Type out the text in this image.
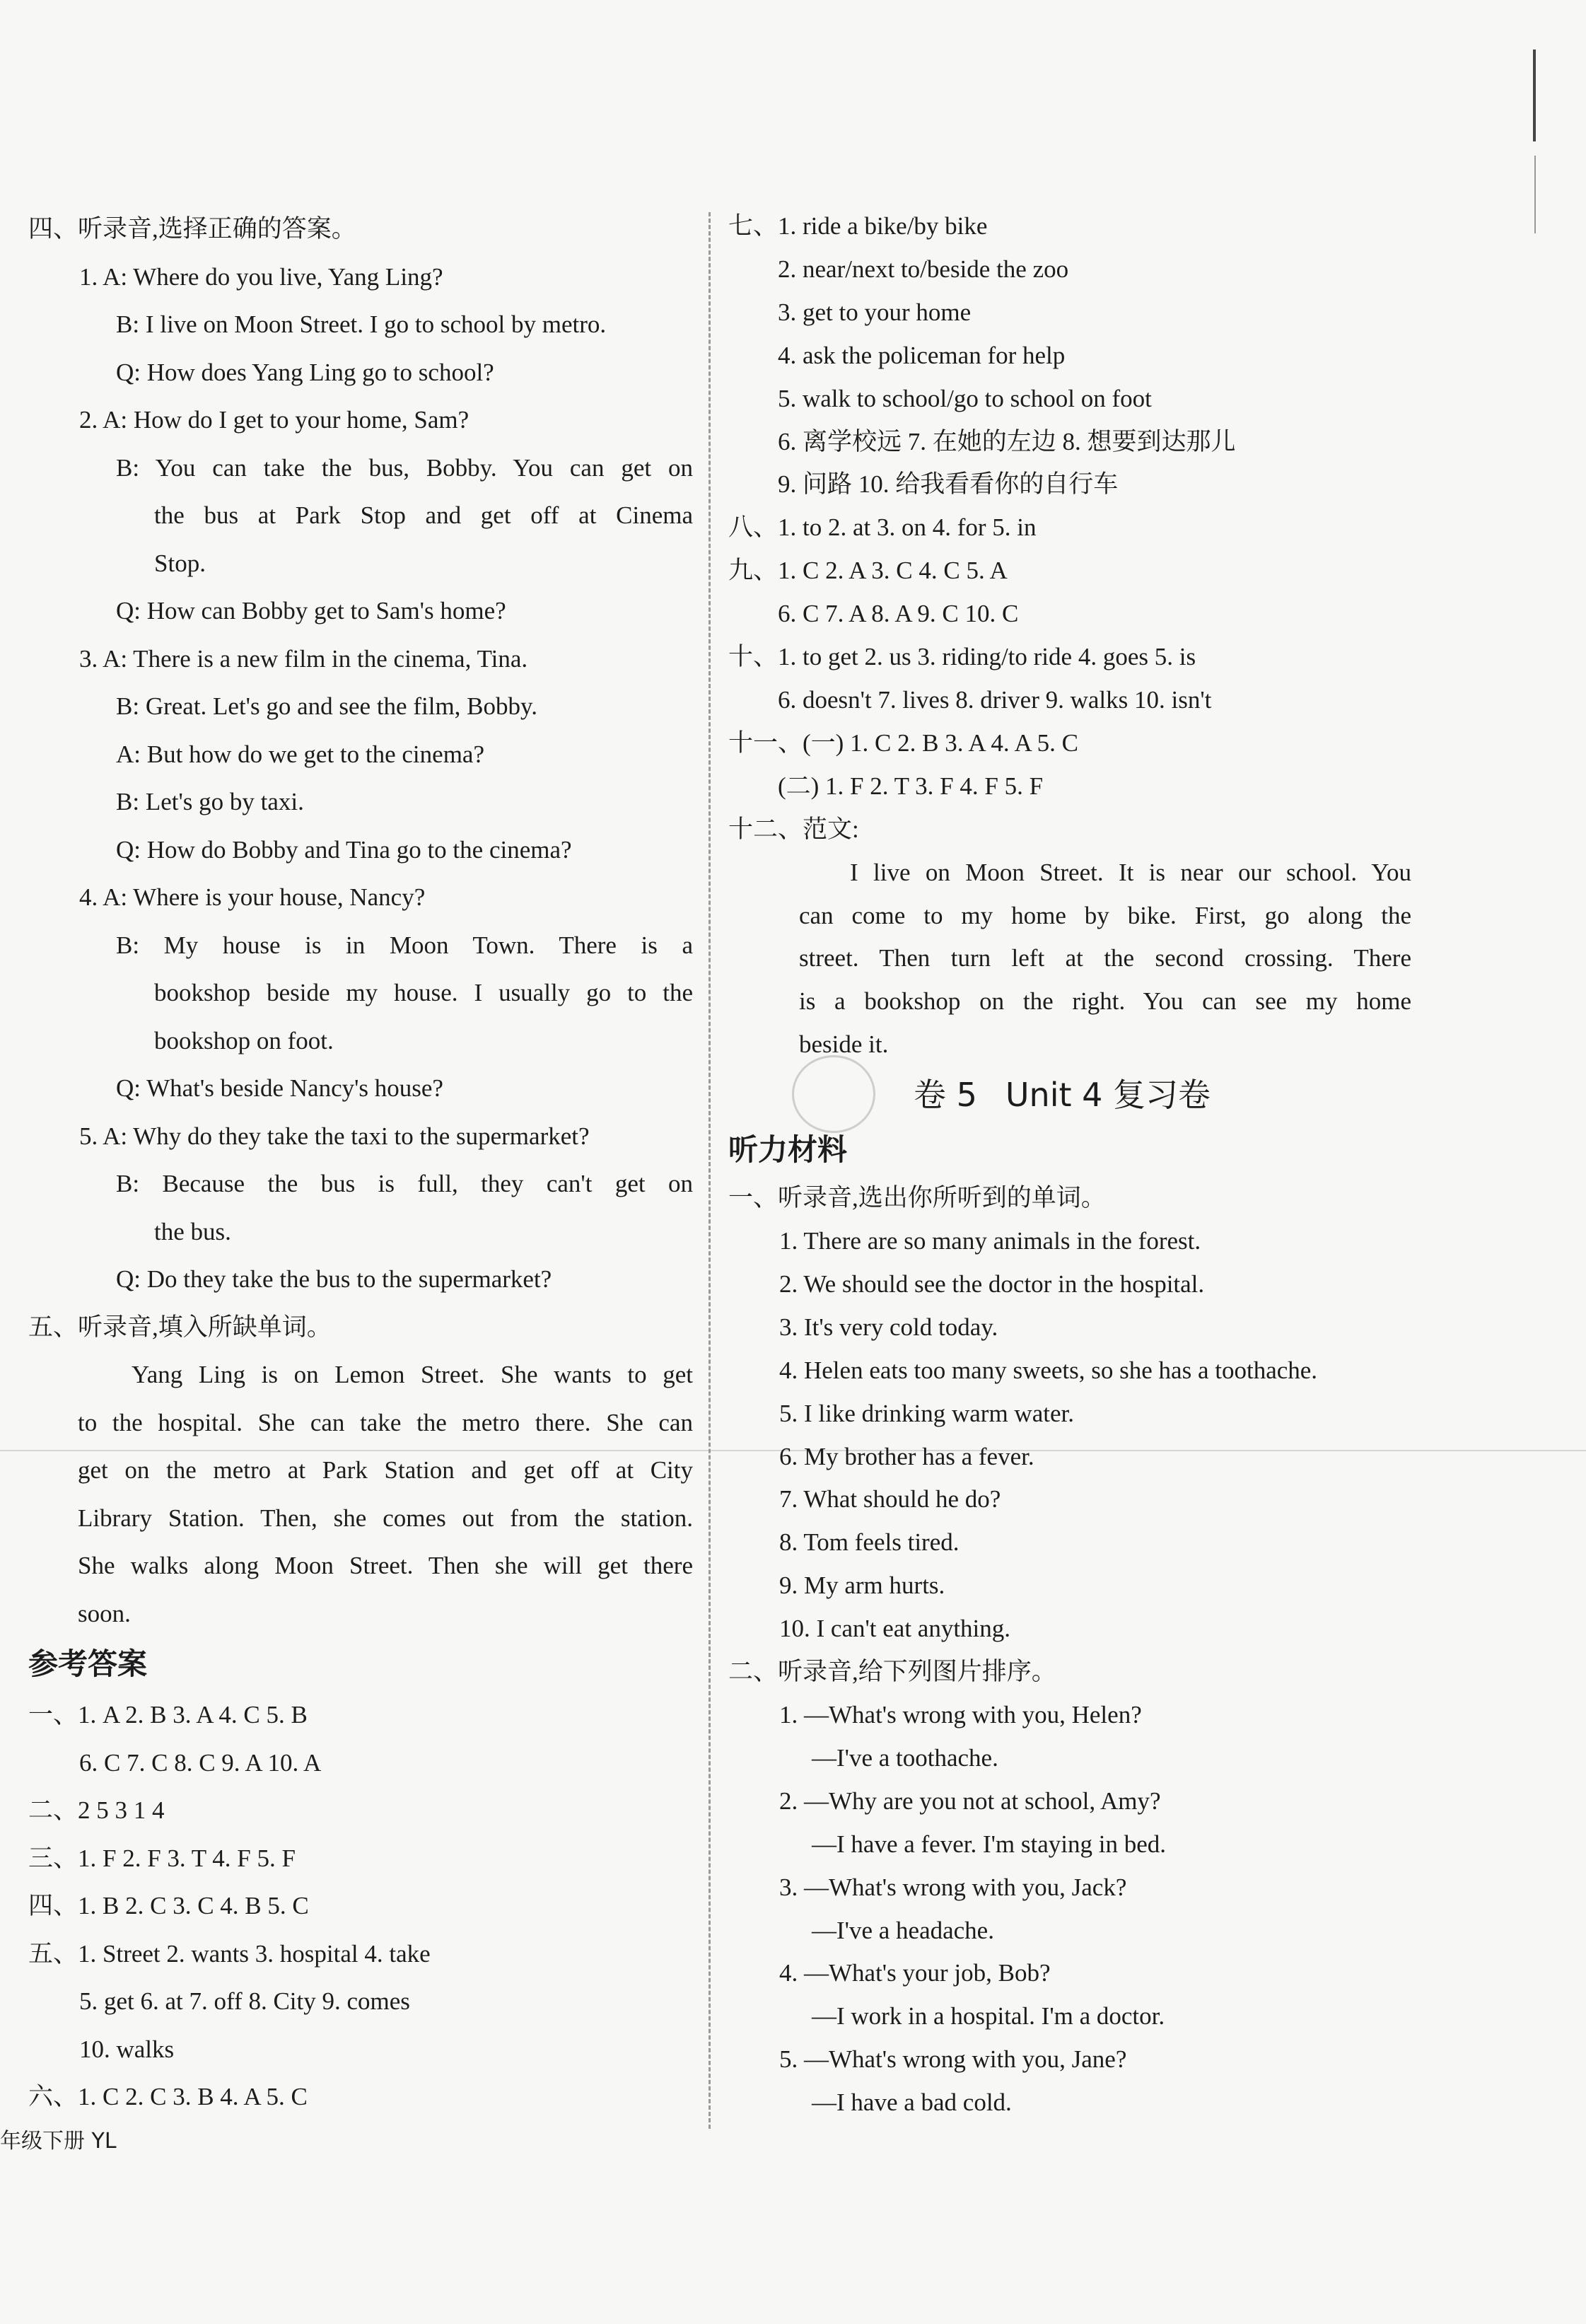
四、听录音,选择正确的答案。
1. A: Where do you live, Yang Ling?
B: I live on Moon Street. I go to school by metro.
Q: How does Yang Ling go to school?
2. A: How do I get to your home, Sam?
B: You can take the bus, Bobby. You can get on
the bus at Park Stop and get off at Cinema
Stop.
Q: How can Bobby get to Sam's home?
3. A: There is a new film in the cinema, Tina.
B: Great. Let's go and see the film, Bobby.
A: But how do we get to the cinema?
B: Let's go by taxi.
Q: How do Bobby and Tina go to the cinema?
4. A: Where is your house, Nancy?
B: My house is in Moon Town. There is a
bookshop beside my house. I usually go to the
bookshop on foot.
Q: What's beside Nancy's house?
5. A: Why do they take the taxi to the supermarket?
B: Because the bus is full, they can't get on
the bus.
Q: Do they take the bus to the supermarket?
五、听录音,填入所缺单词。
Yang Ling is on Lemon Street. She wants to get
to the hospital. She can take the metro there. She can
get on the metro at Park Station and get off at City
Library Station. Then, she comes out from the station.
She walks along Moon Street. Then she will get there
soon.
参考答案
一、1. A 2. B 3. A 4. C 5. B
6. C 7. C 8. C 9. A 10. A
二、2 5 3 1 4
三、1. F 2. F 3. T 4. F 5. F
四、1. B 2. C 3. C 4. B 5. C
五、1. Street 2. wants 3. hospital 4. take
5. get 6. at 7. off 8. City 9. comes
10. walks
六、1. C 2. C 3. B 4. A 5. C
七、1. ride a bike/by bike
2. near/next to/beside the zoo
3. get to your home
4. ask the policeman for help
5. walk to school/go to school on foot
6. 离学校远 7. 在她的左边 8. 想要到达那儿
9. 问路 10. 给我看看你的自行车
八、1. to 2. at 3. on 4. for 5. in
九、1. C 2. A 3. C 4. C 5. A
6. C 7. A 8. A 9. C 10. C
十、1. to get 2. us 3. riding/to ride 4. goes 5. is
6. doesn't 7. lives 8. driver 9. walks 10. isn't
十一、(一) 1. C 2. B 3. A 4. A 5. C
(二) 1. F 2. T 3. F 4. F 5. F
十二、范文:
I live on Moon Street. It is near our school. You
can come to my home by bike. First, go along the
street. Then turn left at the second crossing. There
is a bookshop on the right. You can see my home
beside it.
卷 5 Unit 4 复习卷
听力材料
一、听录音,选出你所听到的单词。
1. There are so many animals in the forest.
2. We should see the doctor in the hospital.
3. It's very cold today.
4. Helen eats too many sweets, so she has a toothache.
5. I like drinking warm water.
6. My brother has a fever.
7. What should he do?
8. Tom feels tired.
9. My arm hurts.
10. I can't eat anything.
二、听录音,给下列图片排序。
1. —What's wrong with you, Helen?
—I've a toothache.
2. —Why are you not at school, Amy?
—I have a fever. I'm staying in bed.
3. —What's wrong with you, Jack?
—I've a headache.
4. —What's your job, Bob?
—I work in a hospital. I'm a doctor.
5. —What's wrong with you, Jane?
—I have a bad cold.
年级下册 YL
